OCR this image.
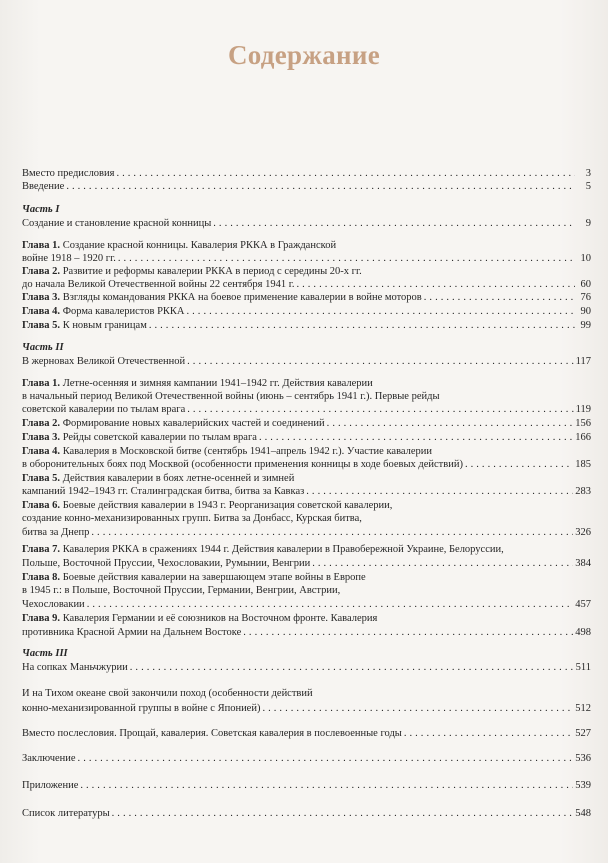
Содержание
Вместо предисловия . . .	3
Введение . . .	5
Часть I
Создание и становление красной конницы . . .	9
Глава 1. Создание красной конницы. Кавалерия РККА в Гражданской
войне 1918 – 1920 гг. . . .	10
Глава 2. Развитие и реформы кавалерии РККА в период с середины 20-х гг.
до начала Великой Отечественной войны 22 сентября 1941 г. . . .	60
Глава 3. Взгляды командования РККА на боевое применение кавалерии в войне моторов . . .	76
Глава 4. Форма кавалеристов РККА . . .	90
Глава 5. К новым границам . . .	99
Часть II
В жерновах Великой Отечественной . . .	117
Глава 1. Летне-осенняя и зимняя кампании 1941–1942 гг. Действия кавалерии
в начальный период Великой Отечественной войны (июнь – сентябрь 1941 г.). Первые рейды
советской кавалерии по тылам врага . . .	119
Глава 2. Формирование новых кавалерийских частей и соединений . . .	156
Глава 3. Рейды советской кавалерии по тылам врага . . .	166
Глава 4. Кавалерия в Московской битве (сентябрь 1941–апрель 1942 г.). Участие кавалерии
в оборонительных боях под Москвой (особенности применения конницы в ходе боевых действий) . . .	185
Глава 5. Действия кавалерии в боях летне-осенней и зимней
кампаний 1942–1943 гг. Сталинградская битва, битва за Кавказ . . .	283
Глава 6. Боевые действия кавалерии в 1943 г. Реорганизация советской кавалерии,
создание конно-механизированных групп. Битва за Донбасс, Курская битва,
битва за Днепр . . .	326
Глава 7. Кавалерия РККА в сражениях 1944 г. Действия кавалерии в Правобережной Украине, Белоруссии,
Польше, Восточной Пруссии, Чехословакии, Румынии, Венгрии . . .	384
Глава 8. Боевые действия кавалерии на завершающем этапе войны в Европе
в 1945 г.: в Польше, Восточной Пруссии, Германии, Венгрии, Австрии,
Чехословакии . . .	457
Глава 9. Кавалерия Германии и её союзников на Восточном фронте. Кавалерия
противника Красной Армии на Дальнем Востоке . . .	498
Часть III
На сопках Маньчжурии . . .	511
И на Тихом океане свой закончили поход (особенности действий
конно-механизированной группы в войне с Японией) . . .	512
Вместо послесловия. Прощай, кавалерия. Советская кавалерия в послевоенные годы . . .	527
Заключение . . .	536
Приложение . . .	539
Список литературы . . .	548
